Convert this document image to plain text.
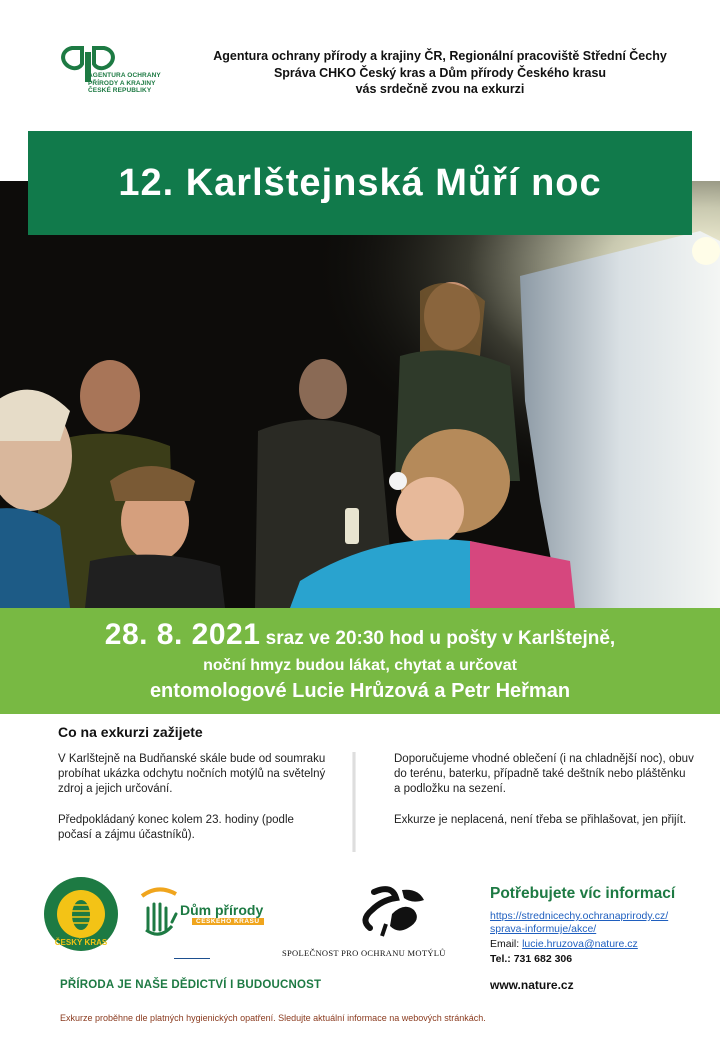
AGENTURA OCHRANY
PŘÍRODY A KRAJINY
ČESKÉ REPUBLIKY
Agentura ochrany přírody a krajiny ČR, Regionální pracoviště Střední Čechy
Správa CHKO Český kras a Dům přírody Českého krasu
vás srdečně zvou na exkurzi
12. Karlštejnská Můří noc
28. 8. 2021 sraz ve 20:30 hod u pošty v Karlštejně,
noční hmyz budou lákat, chytat a určovat
entomologové Lucie Hrůzová a Petr Heřman
Co na exkurzi zažijete

V Karlštejně na Budňanské skále bude od soumraku probíhat ukázka odchytu nočních motýlů na světelný zdroj a jejich určování.

Předpokládaný konec kolem 23. hodiny (podle počasí a zájmu účastníků).

Doporučujeme vhodné oblečení (i na chladnější noc), obuv do terénu, baterku, případně také deštník nebo pláštěnku a podložku na sezení.

Exkurze je neplacená, není třeba se přihlašovat, jen přijít.

ČESKÝ KRAS
Dům přírody
ČESKÉHO KRASU
SPOLEČNOST PRO OCHRANU MOTÝLŮ
Potřebujete víc informací
https://strednicechy.ochranaprirody.cz/
sprava-informuje/akce/
Email: lucie.hruzova@nature.cz
Tel.: 731 682 306
www.nature.cz
PŘÍRODA JE NAŠE DĚDICTVÍ I BUDOUCNOST
Exkurze proběhne dle platných hygienických opatření. Sledujte aktuální informace na webových stránkách.
